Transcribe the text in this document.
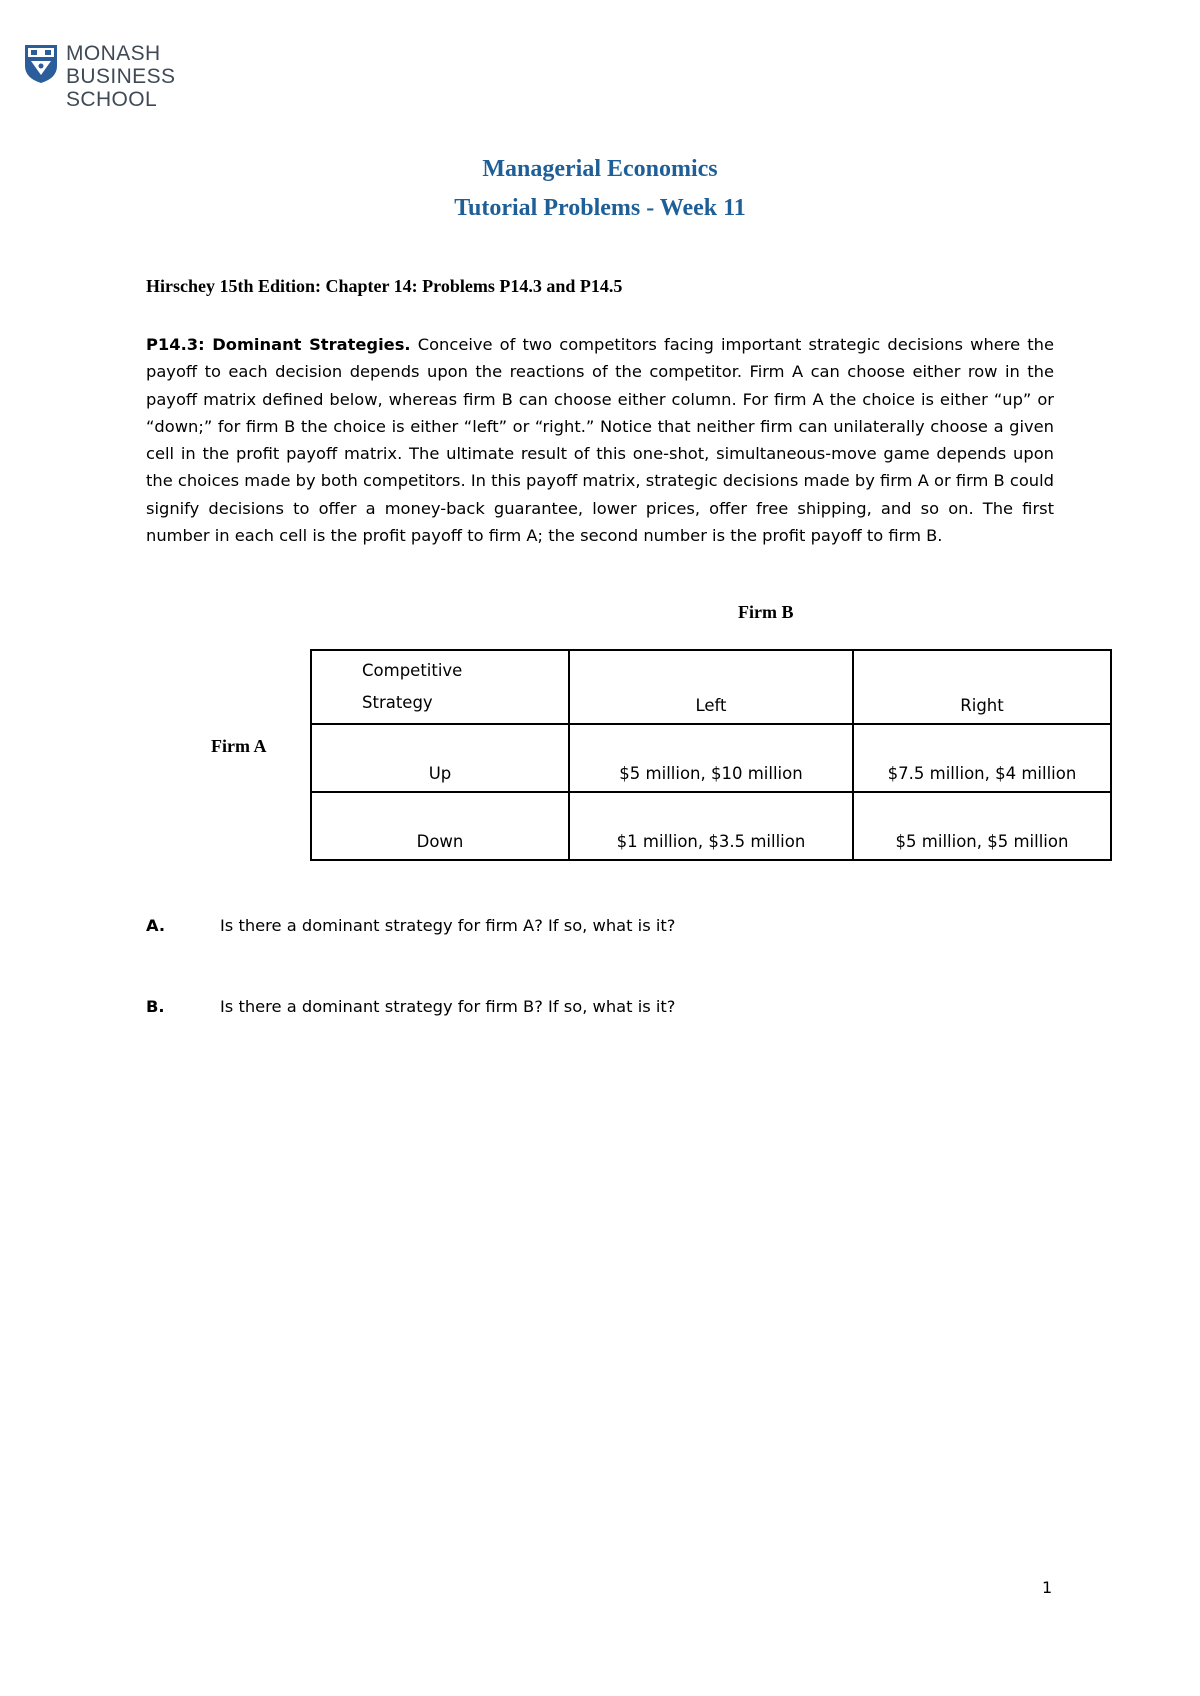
MONASH
BUSINESS
SCHOOL
Managerial Economics
Tutorial Problems - Week 11
Hirschey 15th Edition: Chapter 14: Problems P14.3 and P14.5
P14.3: Dominant Strategies. Conceive of two competitors facing important strategic decisions where the payoff to each decision depends upon the reactions of the competitor. Firm A can choose either row in the payoff matrix defined below, whereas firm B can choose either column. For firm A the choice is either “up” or “down;” for firm B the choice is either “left” or “right.” Notice that neither firm can unilaterally choose a given cell in the profit payoff matrix. The ultimate result of this one-shot, simultaneous-move game depends upon the choices made by both competitors. In this payoff matrix, strategic decisions made by firm A or firm B could signify decisions to offer a money-back guarantee, lower prices, offer free shipping, and so on. The first number in each cell is the profit payoff to firm A; the second number is the profit payoff to firm B.
Firm B
Firm A
Competitive
Strategy	Left	Right
Up	$5 million, $10 million	$7.5 million, $4 million
Down	$1 million, $3.5 million	$5 million, $5 million
A.	Is there a dominant strategy for firm A? If so, what is it?
B.	Is there a dominant strategy for firm B? If so, what is it?
1
